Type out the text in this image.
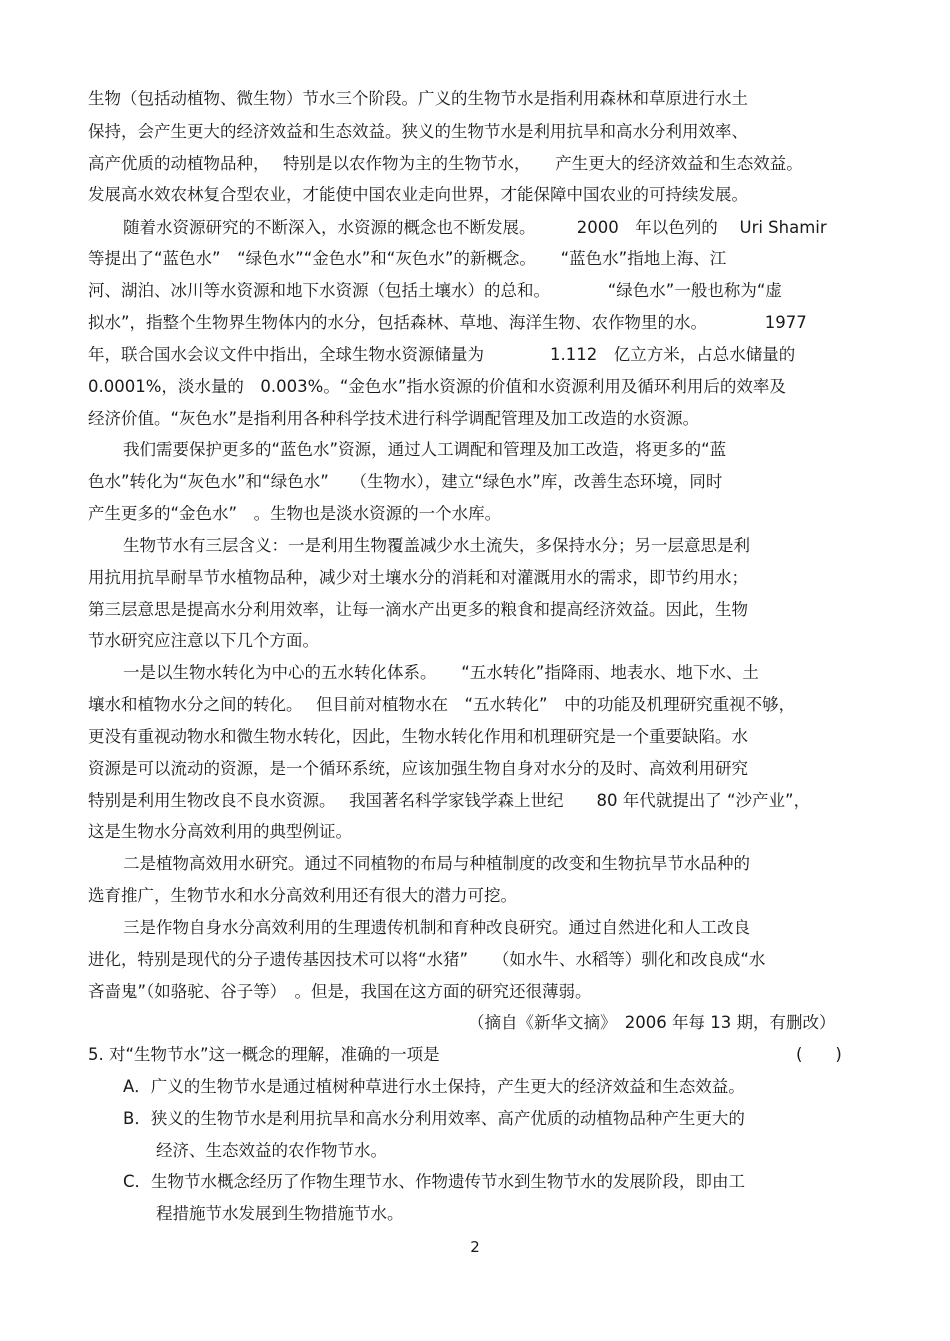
生物（包括动植物、微生物）节水三个阶段。广义的生物节水是指利用森林和草原进行水土
保持，会产生更大的经济效益和生态效益。狭义的生物节水是利用抗旱和高水分利用效率、
高产优质的动植物品种，　 特别是以农作物为主的生物节水，　　产生更大的经济效益和生态效益。
发展高水效农林复合型农业，才能使中国农业走向世界，才能保障中国农业的可持续发展。
随着水资源研究的不断深入，水资源的概念也不断发展。　　　2000　年以色列的　 Uri Shamir
等提出了“蓝色水”　“绿色水”“金色水”和“灰色水”的新概念。　　“蓝色水”指地上海、江
河、湖泊、冰川等水资源和地下水资源（包括土壤水）的总和。　　　　“绿色水”一般也称为“虚
拟水”，指整个生物界生物体内的水分，包括森林、草地、海洋生物、农作物里的水。　　　　1977
年，联合国水会议文件中指出，全球生物水资源储量为　　　　1.112　亿立方米，占总水储量的
0.0001%，淡水量的　0.003%。“金色水”指水资源的价值和水资源利用及循环利用后的效率及
经济价值。“灰色水”是指利用各种科学技术进行科学调配管理及加工改造的水资源。
我们需要保护更多的“蓝色水”资源，通过人工调配和管理及加工改造，将更多的“蓝
色水”转化为“灰色水”和“绿色水”　 （生物水），建立“绿色水”库，改善生态环境，同时
产生更多的“金色水”　。生物也是淡水资源的一个水库。
生物节水有三层含义：一是利用生物覆盖减少水土流失，多保持水分；另一层意思是利
用抗用抗旱耐旱节水植物品种，减少对土壤水分的消耗和对灌溉用水的需求，即节约用水；
第三层意思是提高水分利用效率，让每一滴水产出更多的粮食和提高经济效益。因此，生物
节水研究应注意以下几个方面。
一是以生物水转化为中心的五水转化体系。　　“五水转化”指降雨、地表水、地下水、土
壤水和植物水分之间的转化。　 但目前对植物水在　“五水转化”　中的功能及机理研究重视不够，
更没有重视动物水和微生物水转化，因此，生物水转化作用和机理研究是一个重要缺陷。水
资源是可以流动的资源，是一个循环系统，应该加强生物自身对水分的及时、高效利用研究
特别是利用生物改良不良水资源。　 我国著名科学家钱学森上世纪　　80 年代就提出了 “沙产业”，
这是生物水分高效利用的典型例证。
二是植物高效用水研究。通过不同植物的布局与种植制度的改变和生物抗旱节水品种的
选育推广，生物节水和水分高效利用还有很大的潜力可挖。
三是作物自身水分高效利用的生理遗传机制和育种改良研究。通过自然进化和人工改良
进化，特别是现代的分子遗传基因技术可以将“水猪”　　（如水牛、水稻等）驯化和改良成“水
吝啬鬼”（如骆驼、谷子等）　。但是，我国在这方面的研究还很薄弱。
（摘自《新华文摘》　2006 年每 13 期，有删改）
5. 对“生物节水”这一概念的理解，准确的一项是	(　　)
A．广义的生物节水是通过植树种草进行水土保持，产生更大的经济效益和生态效益。
B．狭义的生物节水是利用抗旱和高水分利用效率、高产优质的动植物品种产生更大的
经济、生态效益的农作物节水。
C．生物节水概念经历了作物生理节水、作物遗传节水到生物节水的发展阶段，即由工
程措施节水发展到生物措施节水。
2
